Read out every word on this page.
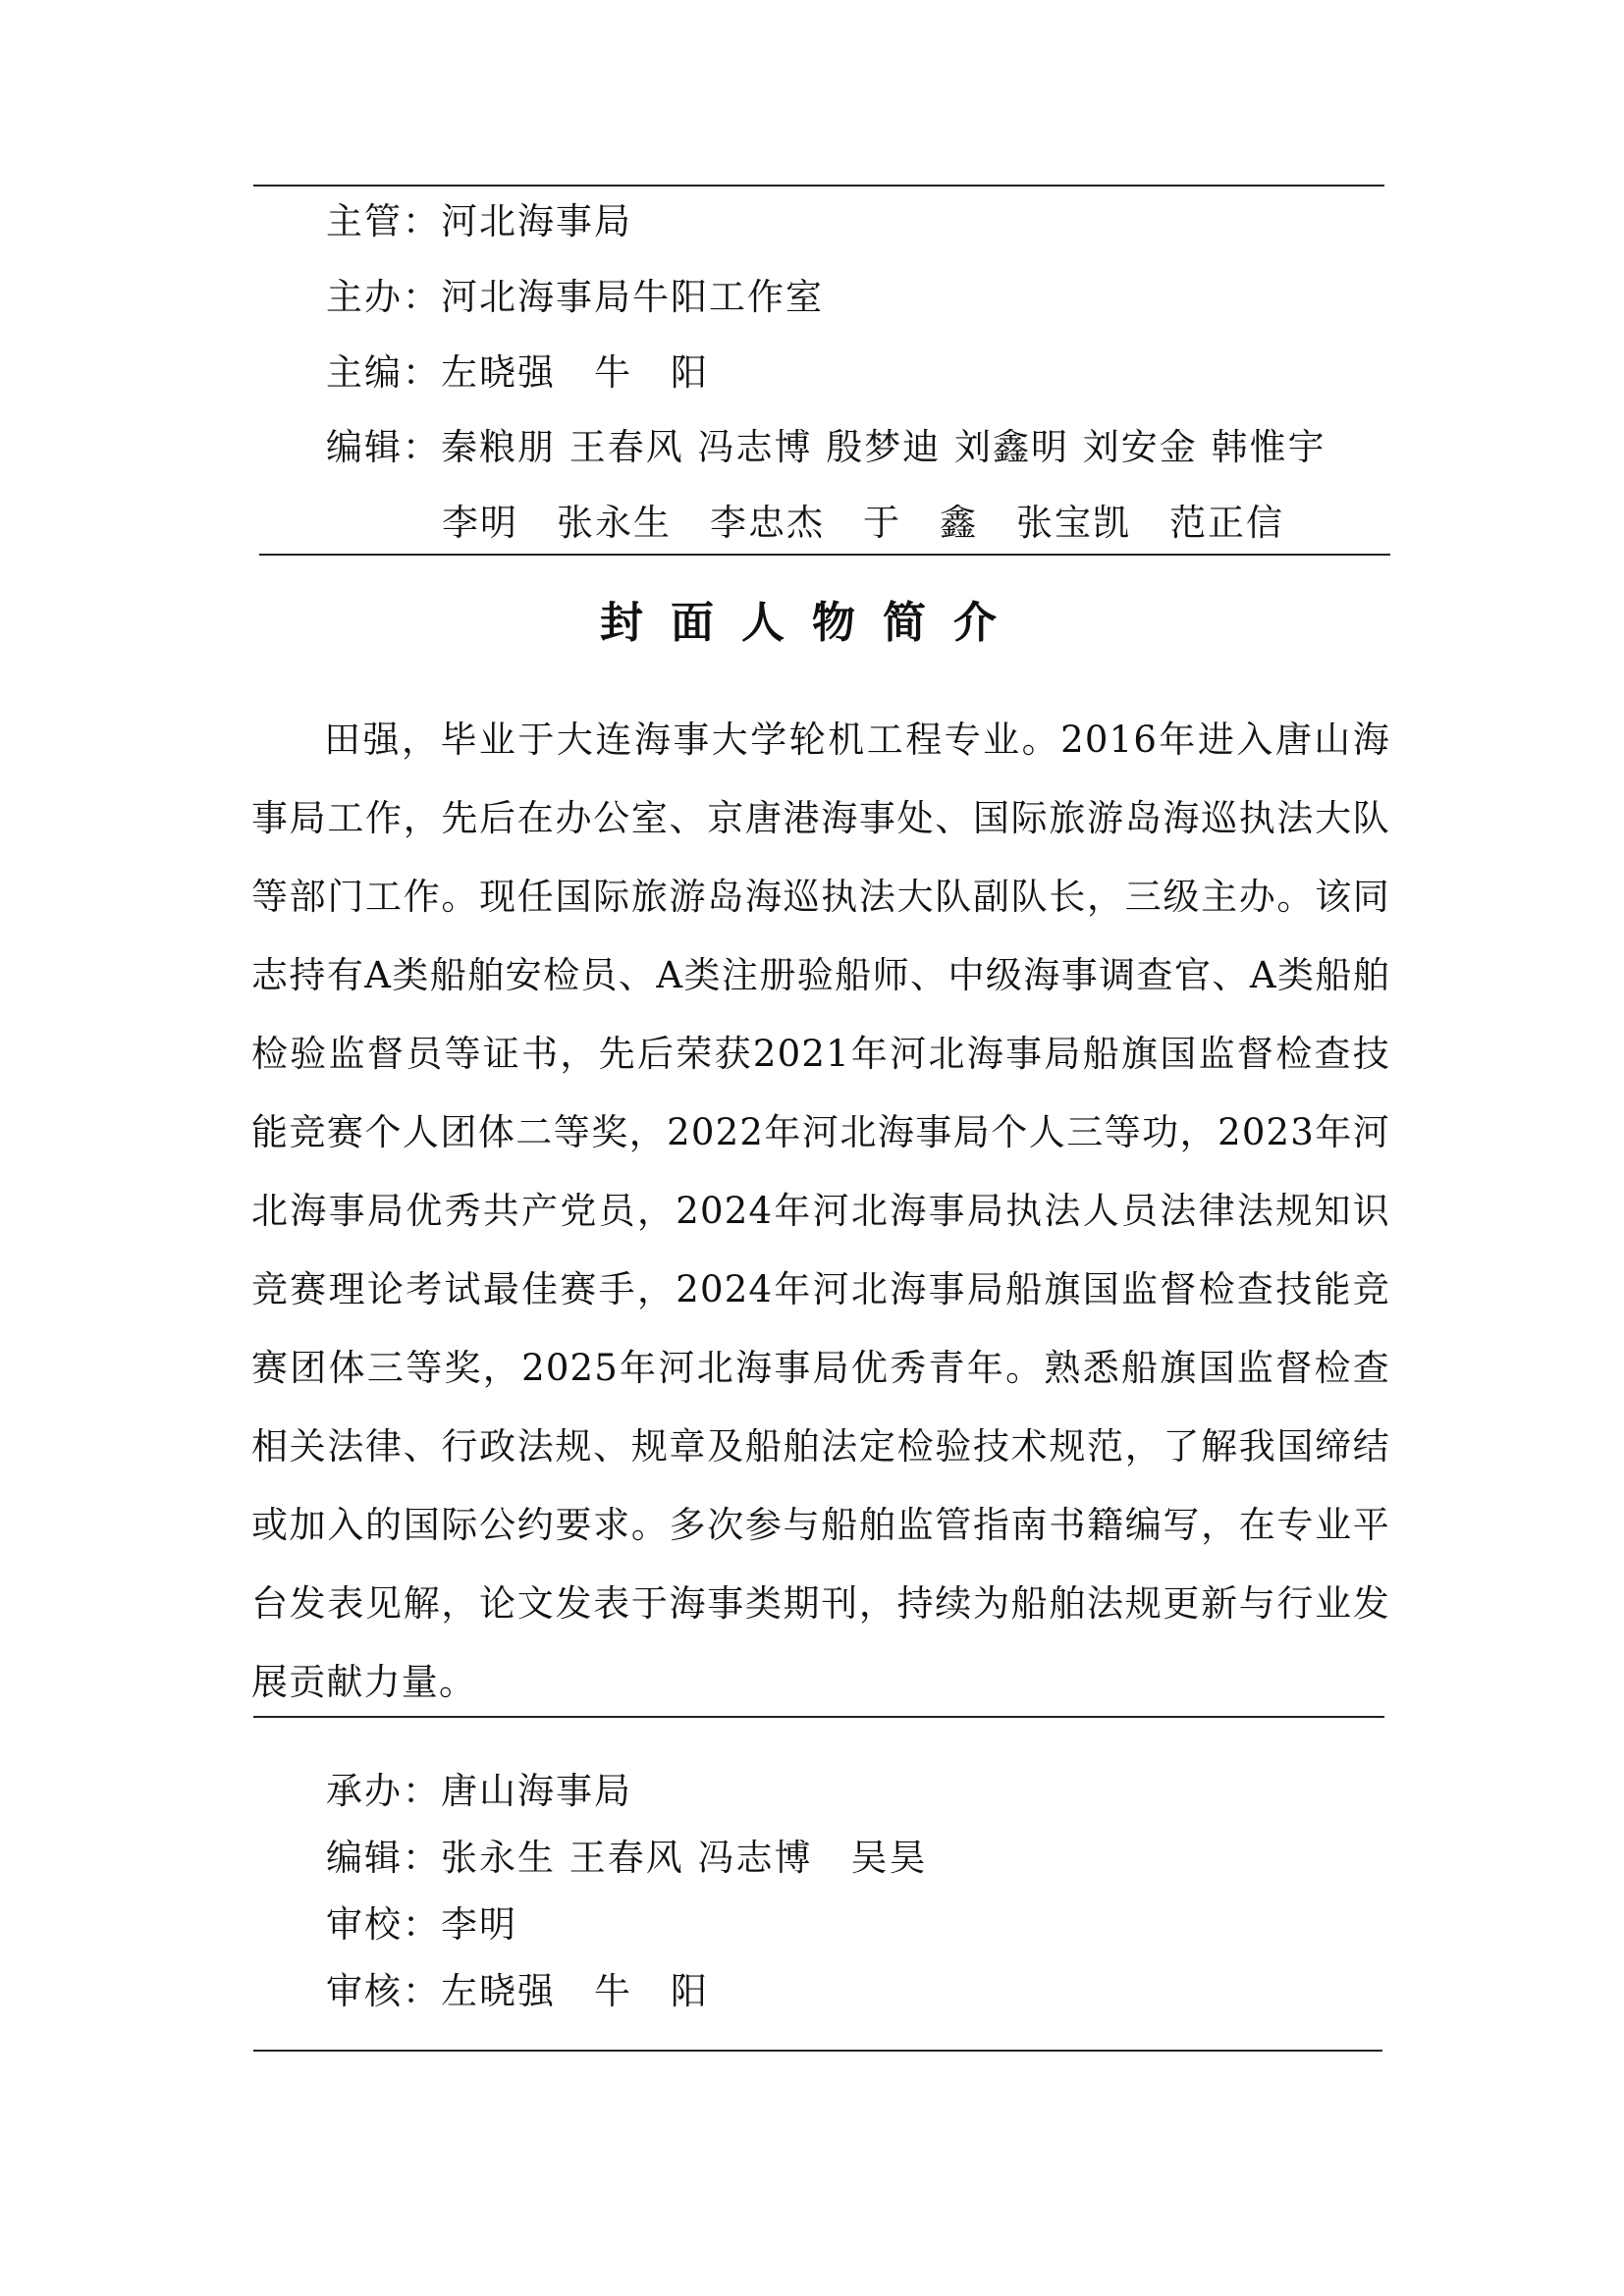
主管：河北海事局
主办：河北海事局牛阳工作室
主编：左晓强　牛　阳
编辑：秦粮朋 王春风 冯志博 殷梦迪 刘鑫明 刘安金 韩惟宇
李明　张永生　李忠杰　于　鑫　张宝凯　范正信
封面人物简介
田强，毕业于大连海事大学轮机工程专业。2016年进入唐山海事局工作，先后在办公室、京唐港海事处、国际旅游岛海巡执法大队等部门工作。现任国际旅游岛海巡执法大队副队长，三级主办。该同志持有A类船舶安检员、A类注册验船师、中级海事调查官、A类船舶检验监督员等证书，先后荣获2021年河北海事局船旗国监督检查技能竞赛个人团体二等奖，2022年河北海事局个人三等功，2023年河北海事局优秀共产党员，2024年河北海事局执法人员法律法规知识竞赛理论考试最佳赛手，2024年河北海事局船旗国监督检查技能竞赛团体三等奖，2025年河北海事局优秀青年。熟悉船旗国监督检查相关法律、行政法规、规章及船舶法定检验技术规范，了解我国缔结或加入的国际公约要求。多次参与船舶监管指南书籍编写，在专业平台发表见解，论文发表于海事类期刊，持续为船舶法规更新与行业发展贡献力量。
承办：唐山海事局
编辑：张永生 王春风 冯志博　吴昊
审校：李明
审核：左晓强　牛　阳
